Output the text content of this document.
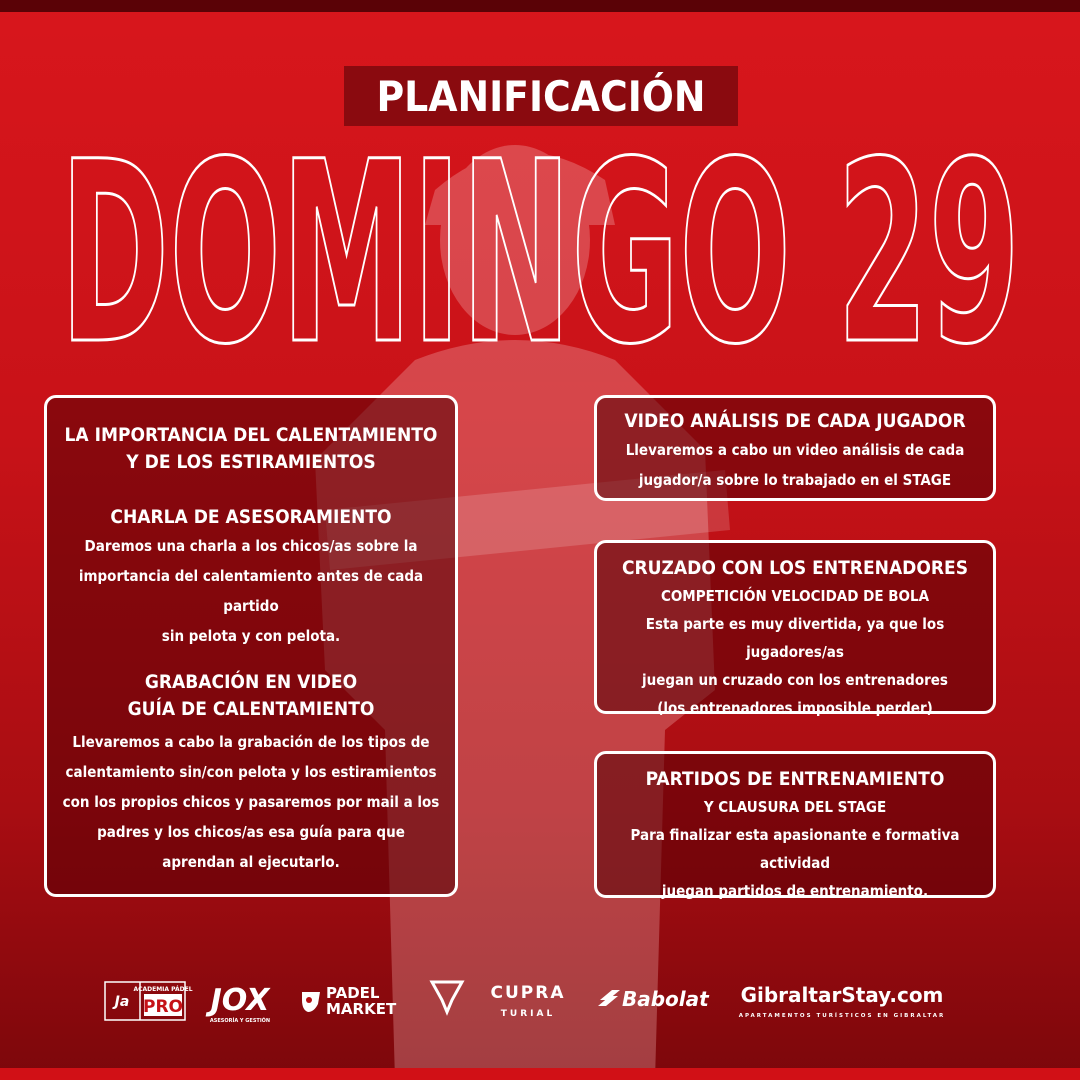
PLANIFICACIÓN
DOMINGO 29
LA IMPORTANCIA DEL CALENTAMIENTO
Y DE LOS ESTIRAMIENTOS
CHARLA DE ASESORAMIENTO
Daremos una charla a los chicos/as sobre la
importancia del calentamiento antes de cada partido
sin pelota y con pelota.
GRABACIÓN EN VIDEO
GUÍA DE CALENTAMIENTO
Llevaremos a cabo la grabación de los tipos de
calentamiento sin/con pelota y los estiramientos
con los propios chicos y pasaremos por mail a los
padres y los chicos/as esa guía para que
aprendan al ejecutarlo.
VIDEO ANÁLISIS DE CADA JUGADOR
Llevaremos a cabo un video análisis de cada
jugador/a sobre lo trabajado en el STAGE
CRUZADO CON LOS ENTRENADORES
COMPETICIÓN VELOCIDAD DE BOLA
Esta parte es muy divertida, ya que los jugadores/as
juegan un cruzado con los entrenadores
(los entrenadores imposible perder)
PARTIDOS DE ENTRENAMIENTO
Y CLAUSURA DEL STAGE
Para finalizar esta apasionante e formativa actividad
juegan partidos de entrenamiento.
Ja
ACADEMIA PÁDEL
PRO JOX
ASESORÍA Y GESTIÓN
PADEL
MARKET
CUPRA
TURIAL
Babolat GibraltarStay.com
APARTAMENTOS TURÍSTICOS EN GIBRALTAR
